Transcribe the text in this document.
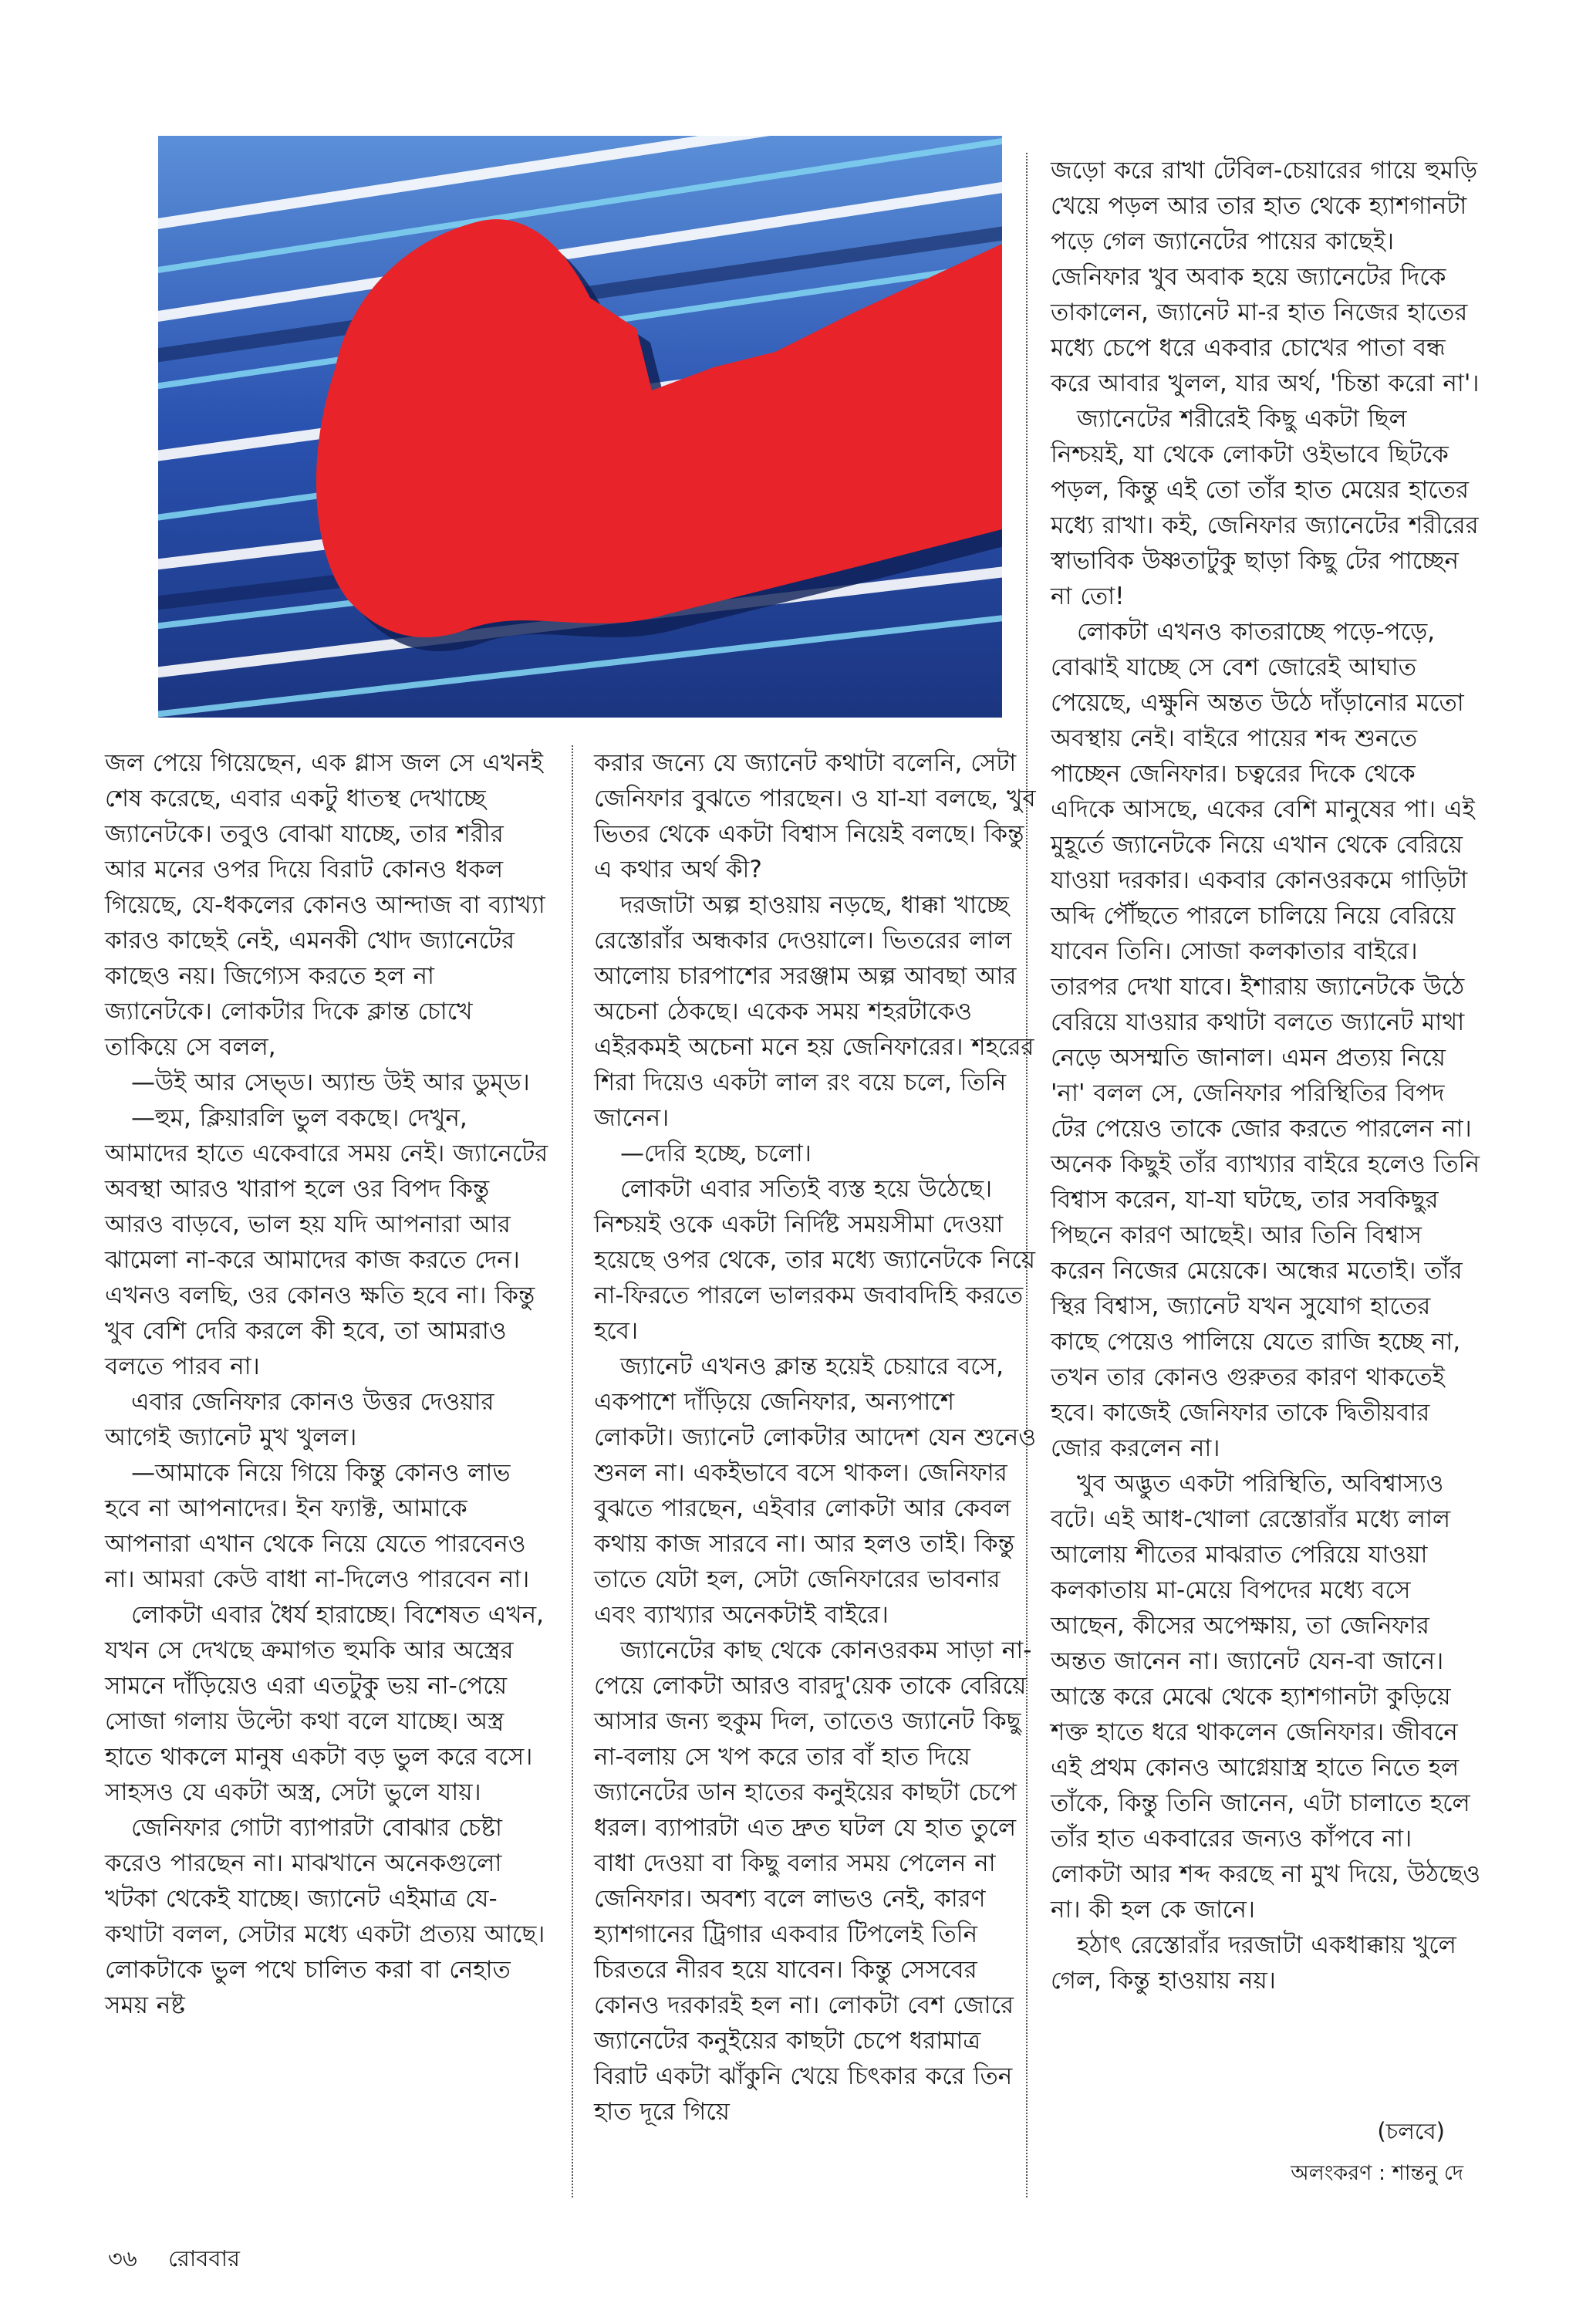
জল পেয়ে গিয়েছেন, এক গ্লাস জল সে এখনই শেষ করেছে, এবার একটু ধাতস্থ দেখাচ্ছে জ্যানেটকে। তবুও বোঝা যাচ্ছে, তার শরীর আর মনের ওপর দিয়ে বিরাট কোনও ধকল গিয়েছে, যে-ধকলের কোনও আন্দাজ বা ব্যাখ্যা কারও কাছেই নেই, এমনকী খোদ জ্যানেটের কাছেও নয়। জিগ্যেস করতে হল না জ্যানেটকে। লোকটার দিকে ক্লান্ত চোখে তাকিয়ে সে বলল,

—উই আর সেভ্‌ড। অ্যান্ড উই আর ডুম্‌ড।

—হুম, ক্লিয়ারলি ভুল বকছে। দেখুন, আমাদের হাতে একেবারে সময় নেই। জ্যানেটের অবস্থা আরও খারাপ হলে ওর বিপদ কিন্তু আরও বাড়বে, ভাল হয় যদি আপনারা আর ঝামেলা না-করে আমাদের কাজ করতে দেন। এখনও বলছি, ওর কোনও ক্ষতি হবে না। কিন্তু খুব বেশি দেরি করলে কী হবে, তা আমরাও বলতে পারব না।

এবার জেনিফার কোনও উত্তর দেওয়ার আগেই জ্যানেট মুখ খুলল।

—আমাকে নিয়ে গিয়ে কিন্তু কোনও লাভ হবে না আপনাদের। ইন ফ্যাক্ট, আমাকে আপনারা এখান থেকে নিয়ে যেতে পারবেনও না। আমরা কেউ বাধা না-দিলেও পারবেন না।

লোকটা এবার ধৈর্য হারাচ্ছে। বিশেষত এখন, যখন সে দেখছে ক্রমাগত হুমকি আর অস্ত্রের সামনে দাঁড়িয়েও এরা এতটুকু ভয় না-পেয়ে সোজা গলায় উল্টো কথা বলে যাচ্ছে। অস্ত্র হাতে থাকলে মানুষ একটা বড় ভুল করে বসে। সাহসও যে একটা অস্ত্র, সেটা ভুলে যায়।

জেনিফার গোটা ব্যাপারটা বোঝার চেষ্টা করেও পারছেন না। মাঝখানে অনেকগুলো খটকা থেকেই যাচ্ছে। জ্যানেট এইমাত্র যে-কথাটা বলল, সেটার মধ্যে একটা প্রত্যয় আছে। লোকটাকে ভুল পথে চালিত করা বা নেহাত সময় নষ্ট

করার জন্যে যে জ্যানেট কথাটা বলেনি, সেটা জেনিফার বুঝতে পারছেন। ও যা-যা বলছে, খুব ভিতর থেকে একটা বিশ্বাস নিয়েই বলছে। কিন্তু এ কথার অর্থ কী?

দরজাটা অল্প হাওয়ায় নড়ছে, ধাক্কা খাচ্ছে রেস্তোরাঁর অন্ধকার দেওয়ালে। ভিতরের লাল আলোয় চারপাশের সরঞ্জাম অল্প আবছা আর অচেনা ঠেকছে। একেক সময় শহরটাকেও এইরকমই অচেনা মনে হয় জেনিফারের। শহরের শিরা দিয়েও একটা লাল রং বয়ে চলে, তিনি জানেন।

—দেরি হচ্ছে, চলো।

লোকটা এবার সত্যিই ব্যস্ত হয়ে উঠেছে। নিশ্চয়ই ওকে একটা নির্দিষ্ট সময়সীমা দেওয়া হয়েছে ওপর থেকে, তার মধ্যে জ্যানেটকে নিয়ে না-ফিরতে পারলে ভালরকম জবাবদিহি করতে হবে।

জ্যানেট এখনও ক্লান্ত হয়েই চেয়ারে বসে, একপাশে দাঁড়িয়ে জেনিফার, অন্যপাশে লোকটা। জ্যানেট লোকটার আদেশ যেন শুনেও শুনল না। একইভাবে বসে থাকল। জেনিফার বুঝতে পারছেন, এইবার লোকটা আর কেবল কথায় কাজ সারবে না। আর হলও তাই। কিন্তু তাতে যেটা হল, সেটা জেনিফারের ভাবনার এবং ব্যাখ্যার অনেকটাই বাইরে।

জ্যানেটের কাছ থেকে কোনওরকম সাড়া না-পেয়ে লোকটা আরও বারদু'য়েক তাকে বেরিয়ে আসার জন্য হুকুম দিল, তাতেও জ্যানেট কিছু না-বলায় সে খপ করে তার বাঁ হাত দিয়ে জ্যানেটের ডান হাতের কনুইয়ের কাছটা চেপে ধরল। ব্যাপারটা এত দ্রুত ঘটল যে হাত তুলে বাধা দেওয়া বা কিছু বলার সময় পেলেন না জেনিফার। অবশ্য বলে লাভও নেই, কারণ হ্যাশগানের ট্রিগার একবার টিপলেই তিনি চিরতরে নীরব হয়ে যাবেন। কিন্তু সেসবের কোনও দরকারই হল না। লোকটা বেশ জোরে জ্যানেটের কনুইয়ের কাছটা চেপে ধরামাত্র বিরাট একটা ঝাঁকুনি খেয়ে চিৎকার করে তিন হাত দূরে গিয়ে

জড়ো করে রাখা টেবিল-চেয়ারের গায়ে হুমড়ি খেয়ে পড়ল আর তার হাত থেকে হ্যাশগানটা পড়ে গেল জ্যানেটের পায়ের কাছেই। জেনিফার খুব অবাক হয়ে জ্যানেটের দিকে তাকালেন, জ্যানেট মা-র হাত নিজের হাতের মধ্যে চেপে ধরে একবার চোখের পাতা বন্ধ করে আবার খুলল, যার অর্থ, 'চিন্তা করো না'।

জ্যানেটের শরীরেই কিছু একটা ছিল নিশ্চয়ই, যা থেকে লোকটা ওইভাবে ছিটকে পড়ল, কিন্তু এই তো তাঁর হাত মেয়ের হাতের মধ্যে রাখা। কই, জেনিফার জ্যানেটের শরীরের স্বাভাবিক উষ্ণতাটুকু ছাড়া কিছু টের পাচ্ছেন না তো!

লোকটা এখনও কাতরাচ্ছে পড়ে-পড়ে, বোঝাই যাচ্ছে সে বেশ জোরেই আঘাত পেয়েছে, এক্ষুনি অন্তত উঠে দাঁড়ানোর মতো অবস্থায় নেই। বাইরে পায়ের শব্দ শুনতে পাচ্ছেন জেনিফার। চত্বরের দিকে থেকে এদিকে আসছে, একের বেশি মানুষের পা। এই মুহূর্তে জ্যানেটকে নিয়ে এখান থেকে বেরিয়ে যাওয়া দরকার। একবার কোনওরকমে গাড়িটা অব্দি পৌঁছতে পারলে চালিয়ে নিয়ে বেরিয়ে যাবেন তিনি। সোজা কলকাতার বাইরে। তারপর দেখা যাবে। ইশারায় জ্যানেটকে উঠে বেরিয়ে যাওয়ার কথাটা বলতে জ্যানেট মাথা নেড়ে অসম্মতি জানাল। এমন প্রত্যয় নিয়ে 'না' বলল সে, জেনিফার পরিস্থিতির বিপদ টের পেয়েও তাকে জোর করতে পারলেন না। অনেক কিছুই তাঁর ব্যাখ্যার বাইরে হলেও তিনি বিশ্বাস করেন, যা-যা ঘটছে, তার সবকিছুর পিছনে কারণ আছেই। আর তিনি বিশ্বাস করেন নিজের মেয়েকে। অন্ধের মতোই। তাঁর স্থির বিশ্বাস, জ্যানেট যখন সুযোগ হাতের কাছে পেয়েও পালিয়ে যেতে রাজি হচ্ছে না, তখন তার কোনও গুরুতর কারণ থাকতেই হবে। কাজেই জেনিফার তাকে দ্বিতীয়বার জোর করলেন না।

খুব অদ্ভুত একটা পরিস্থিতি, অবিশ্বাস্যও বটে। এই আধ-খোলা রেস্তোরাঁর মধ্যে লাল আলোয় শীতের মাঝরাত পেরিয়ে যাওয়া কলকাতায় মা-মেয়ে বিপদের মধ্যে বসে আছেন, কীসের অপেক্ষায়, তা জেনিফার অন্তত জানেন না। জ্যানেট যেন-বা জানে। আস্তে করে মেঝে থেকে হ্যাশগানটা কুড়িয়ে শক্ত হাতে ধরে থাকলেন জেনিফার। জীবনে এই প্রথম কোনও আগ্নেয়াস্ত্র হাতে নিতে হল তাঁকে, কিন্তু তিনি জানেন, এটা চালাতে হলে তাঁর হাত একবারের জন্যও কাঁপবে না। লোকটা আর শব্দ করছে না মুখ দিয়ে, উঠছেও না। কী হল কে জানে।

হঠাৎ রেস্তোরাঁর দরজাটা একধাক্কায় খুলে গেল, কিন্তু হাওয়ায় নয়।

(চলবে)
অলংকরণ : শান্তনু দে
৩৬ রোববার
